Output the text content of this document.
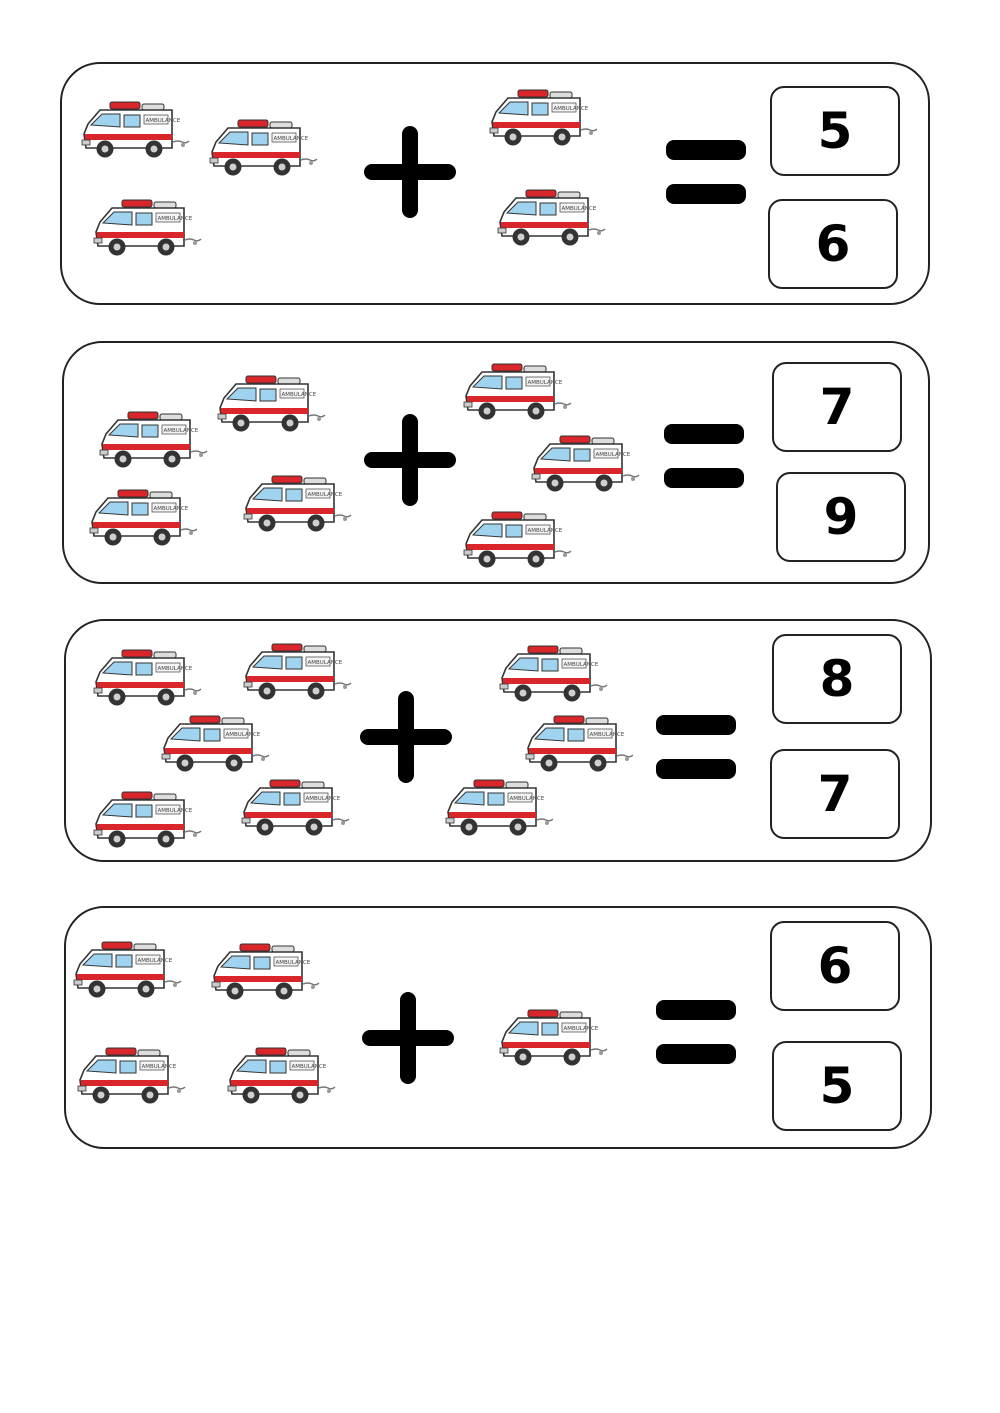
AMBULANCE
AMBULANCE
AMBULANCE
AMBULANCE
AMBULANCE
5
6
AMBULANCE
AMBULANCE
AMBULANCE
AMBULANCE
AMBULANCE
AMBULANCE
AMBULANCE
7
9
AMBULANCE
AMBULANCE
AMBULANCE
AMBULANCE
AMBULANCE
AMBULANCE
AMBULANCE
AMBULANCE
8
7
AMBULANCE	AMBULANCE
AMBULANCE	AMBULANCE
AMBULANCE
6
5
